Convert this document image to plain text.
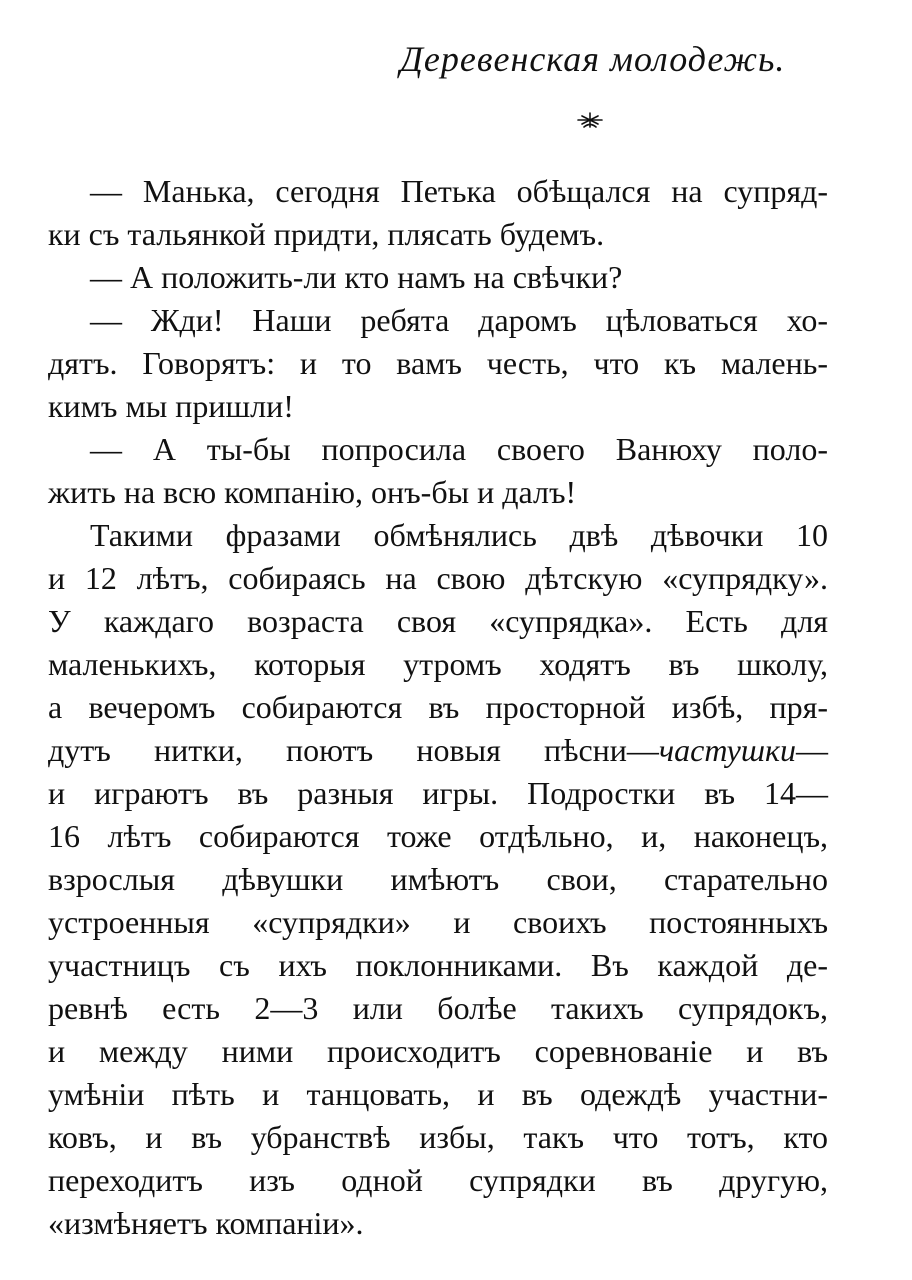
Деревенская молодежь.
— Манька, сегодня Петька обѣщался на супряд-
ки съ тальянкой придти, плясать будемъ.
— А положить-ли кто намъ на свѣчки?
— Жди! Наши ребята даромъ цѣловаться хо-
дятъ. Говорятъ: и то вамъ честь, что къ малень-
кимъ мы пришли!
— А ты-бы попросила своего Ванюху поло-
жить на всю компанію, онъ-бы и далъ!
Такими фразами обмѣнялись двѣ дѣвочки 10
и 12 лѣтъ, собираясь на свою дѣтскую «супрядку».
У каждаго возраста своя «супрядка». Есть для
маленькихъ, которыя утромъ ходятъ въ школу,
а вечеромъ собираются въ просторной избѣ, пря-
дутъ нитки, поютъ новыя пѣсни—частушки—
и играютъ въ разныя игры. Подростки въ 14—
16 лѣтъ собираются тоже отдѣльно, и, наконецъ,
взрослыя дѣвушки имѣютъ свои, старательно
устроенныя «супрядки» и своихъ постоянныхъ
участницъ съ ихъ поклонниками. Въ каждой де-
ревнѣ есть 2—3 или болѣе такихъ супрядокъ,
и между ними происходитъ соревнованіе и въ
умѣніи пѣть и танцовать, и въ одеждѣ участни-
ковъ, и въ убранствѣ избы, такъ что тотъ, кто
переходитъ изъ одной супрядки въ другую,
«измѣняетъ компаніи».
